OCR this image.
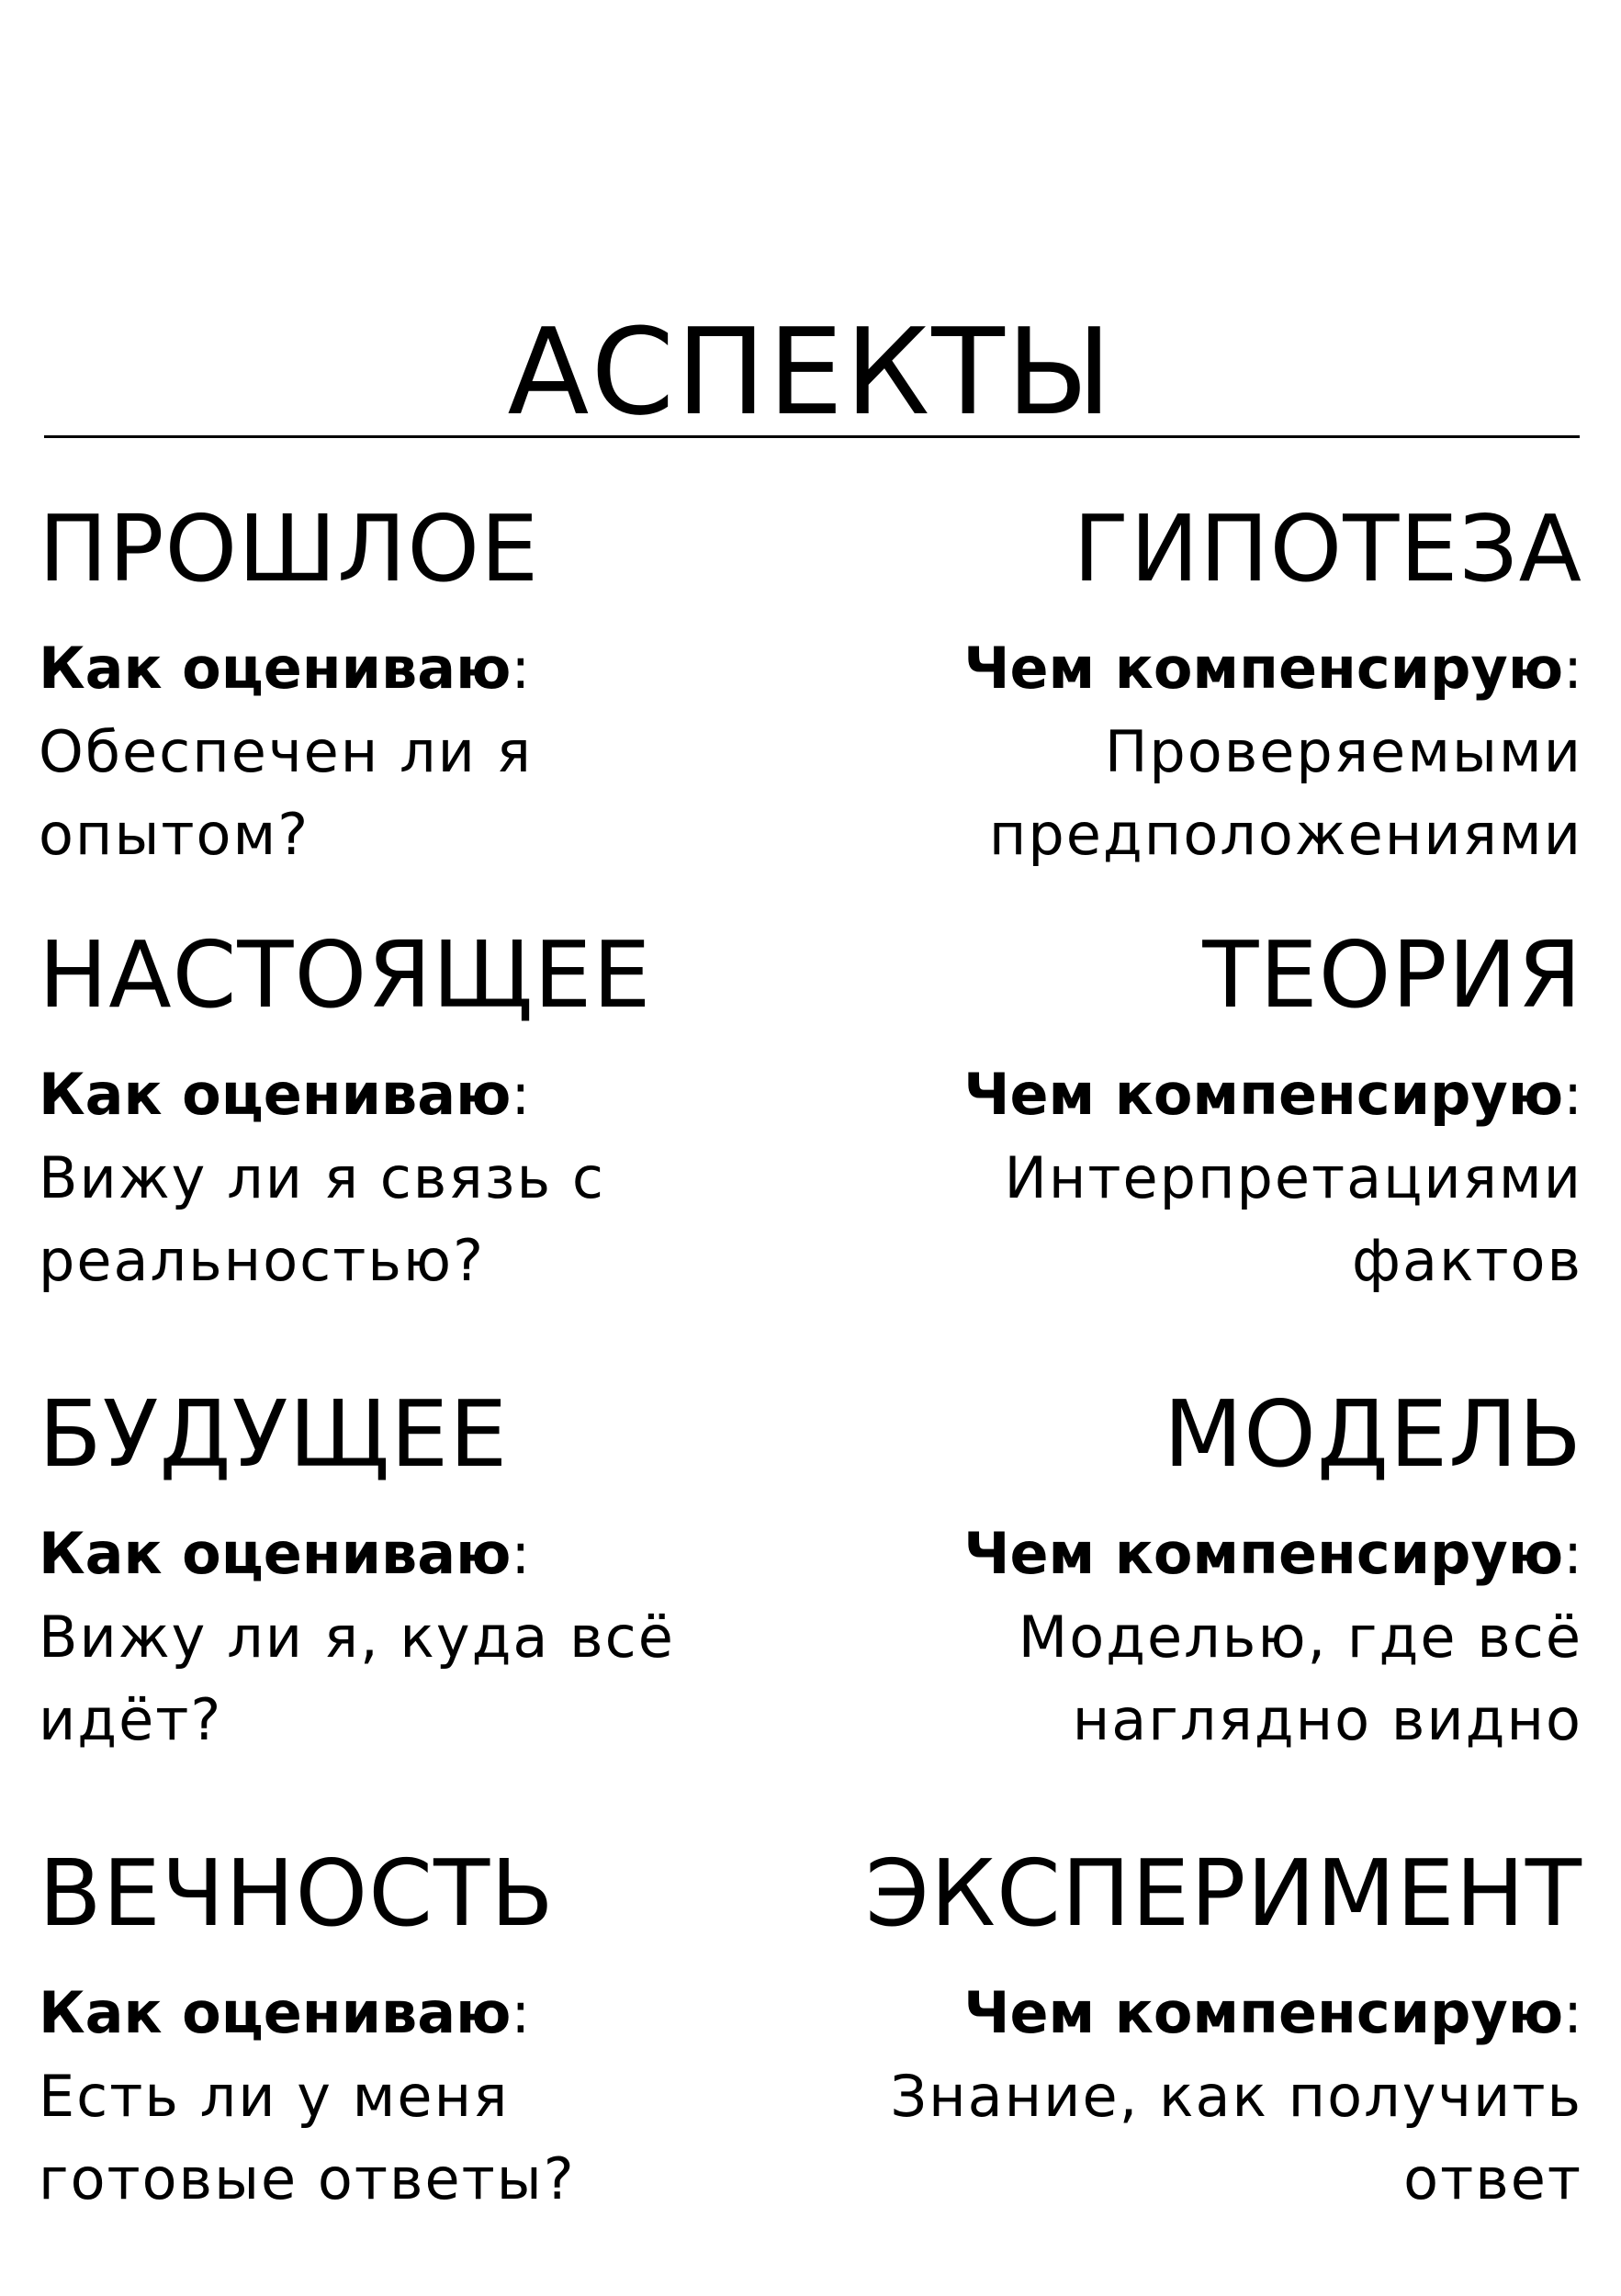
АСПЕКТЫ
ПРОШЛОЕ

Как оцениваю:

Обеспечен ли я

опытом?

ГИПОТЕЗА

Чем компенсирую:

Проверяемыми

предположениями

НАСТОЯЩЕЕ

Как оцениваю:

Вижу ли я связь с

реальностью?

ТЕОРИЯ

Чем компенсирую:

Интерпретациями

фактов

БУДУЩЕЕ

Как оцениваю:

Вижу ли я, куда всё

идёт?

МОДЕЛЬ

Чем компенсирую:

Моделью, где всё

наглядно видно

ВЕЧНОСТЬ

Как оцениваю:

Есть ли у меня

готовые ответы?

ЭКСПЕРИМЕНТ

Чем компенсирую:

Знание, как получить

ответ
